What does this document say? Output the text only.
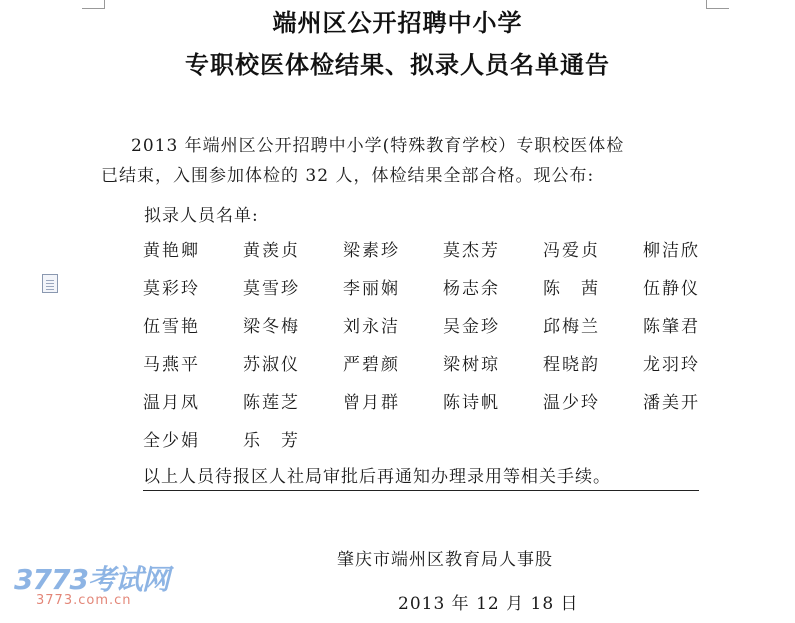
端州区公开招聘中小学
专职校医体检结果、拟录人员名单通告
2013 年端州区公开招聘中小学(特殊教育学校）专职校医体检
已结束，入围参加体检的 32 人，体检结果全部合格。现公布:
拟录人员名单:
黄艳卿	黄羡贞	梁素珍	莫杰芳	冯爱贞	柳洁欣
莫彩玲	莫雪珍	李丽娴	杨志余	陈　茜	伍静仪
伍雪艳	梁冬梅	刘永洁	吴金珍	邱梅兰	陈肇君
马燕平	苏淑仪	严碧颜	梁树琼	程晓韵	龙羽玲
温月凤	陈莲芝	曾月群	陈诗帆	温少玲	潘美开
全少娟	乐　芳
以上人员待报区人社局审批后再通知办理录用等相关手续。
肇庆市端州区教育局人事股
2013 年 12 月 18 日
3773考试网
3773.com.cn
